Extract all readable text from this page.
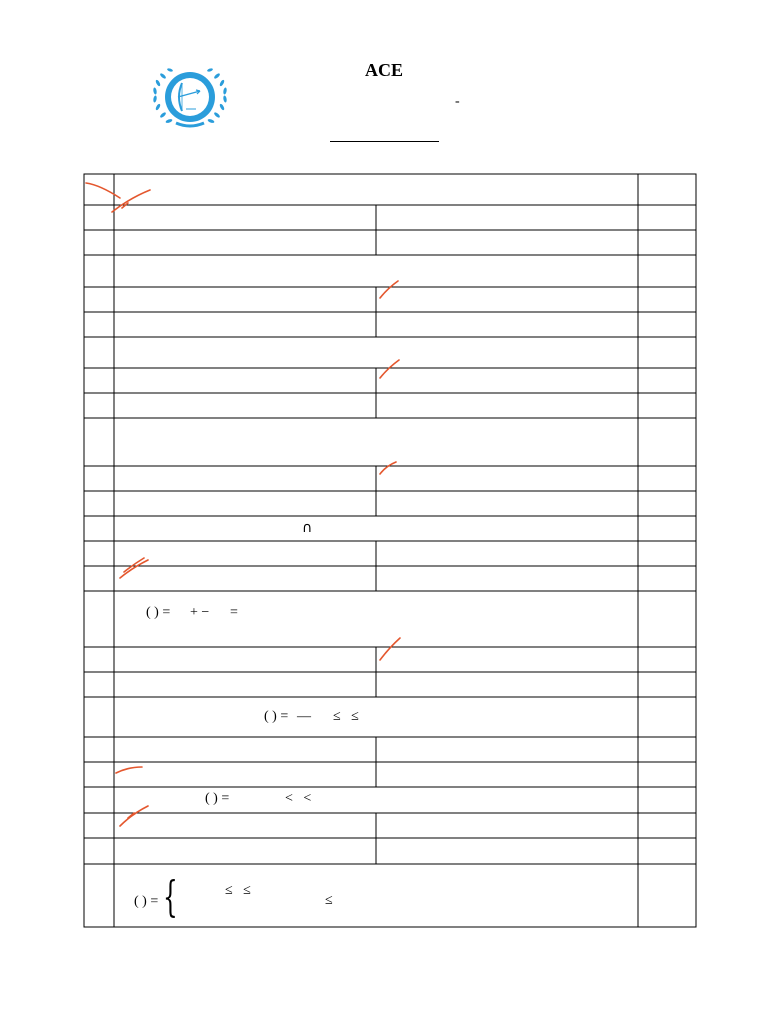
ACE
-
∩
( ) = + − =
( ) = — ≤   ≤
( ) =	<   <
( ) = {	≤   ≤
≤
